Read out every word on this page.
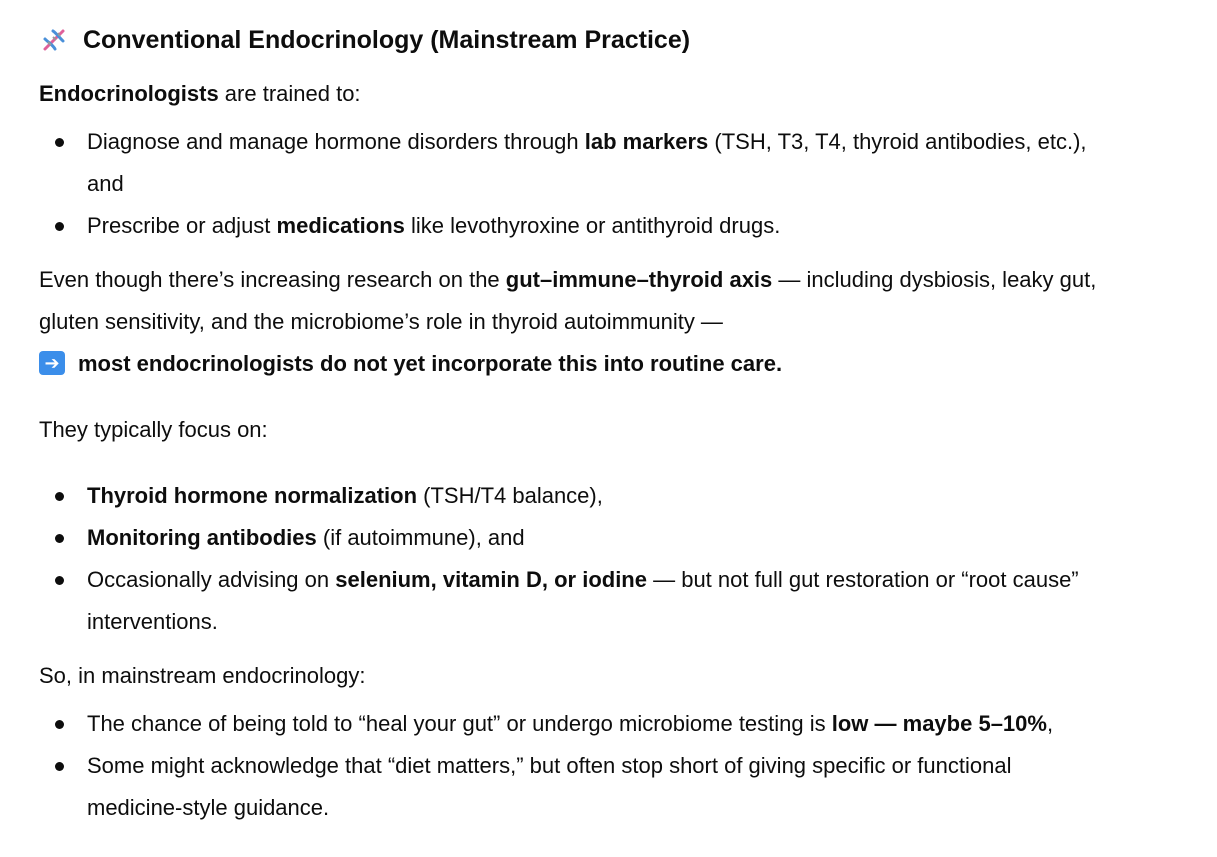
Conventional Endocrinology (Mainstream Practice)
Endocrinologists are trained to:
Diagnose and manage hormone disorders through lab markers (TSH, T3, T4, thyroid antibodies, etc.),
and
Prescribe or adjust medications like levothyroxine or antithyroid drugs.
Even though there’s increasing research on the gut–immune–thyroid axis — including dysbiosis, leaky gut,
gluten sensitivity, and the microbiome’s role in thyroid autoimmunity —
➔ most endocrinologists do not yet incorporate this into routine care.
They typically focus on:
Thyroid hormone normalization (TSH/T4 balance),
Monitoring antibodies (if autoimmune), and
Occasionally advising on selenium, vitamin D, or iodine — but not full gut restoration or “root cause”
interventions.
So, in mainstream endocrinology:
The chance of being told to “heal your gut” or undergo microbiome testing is low — maybe 5–10%,
Some might acknowledge that “diet matters,” but often stop short of giving specific or functional
medicine-style guidance.
